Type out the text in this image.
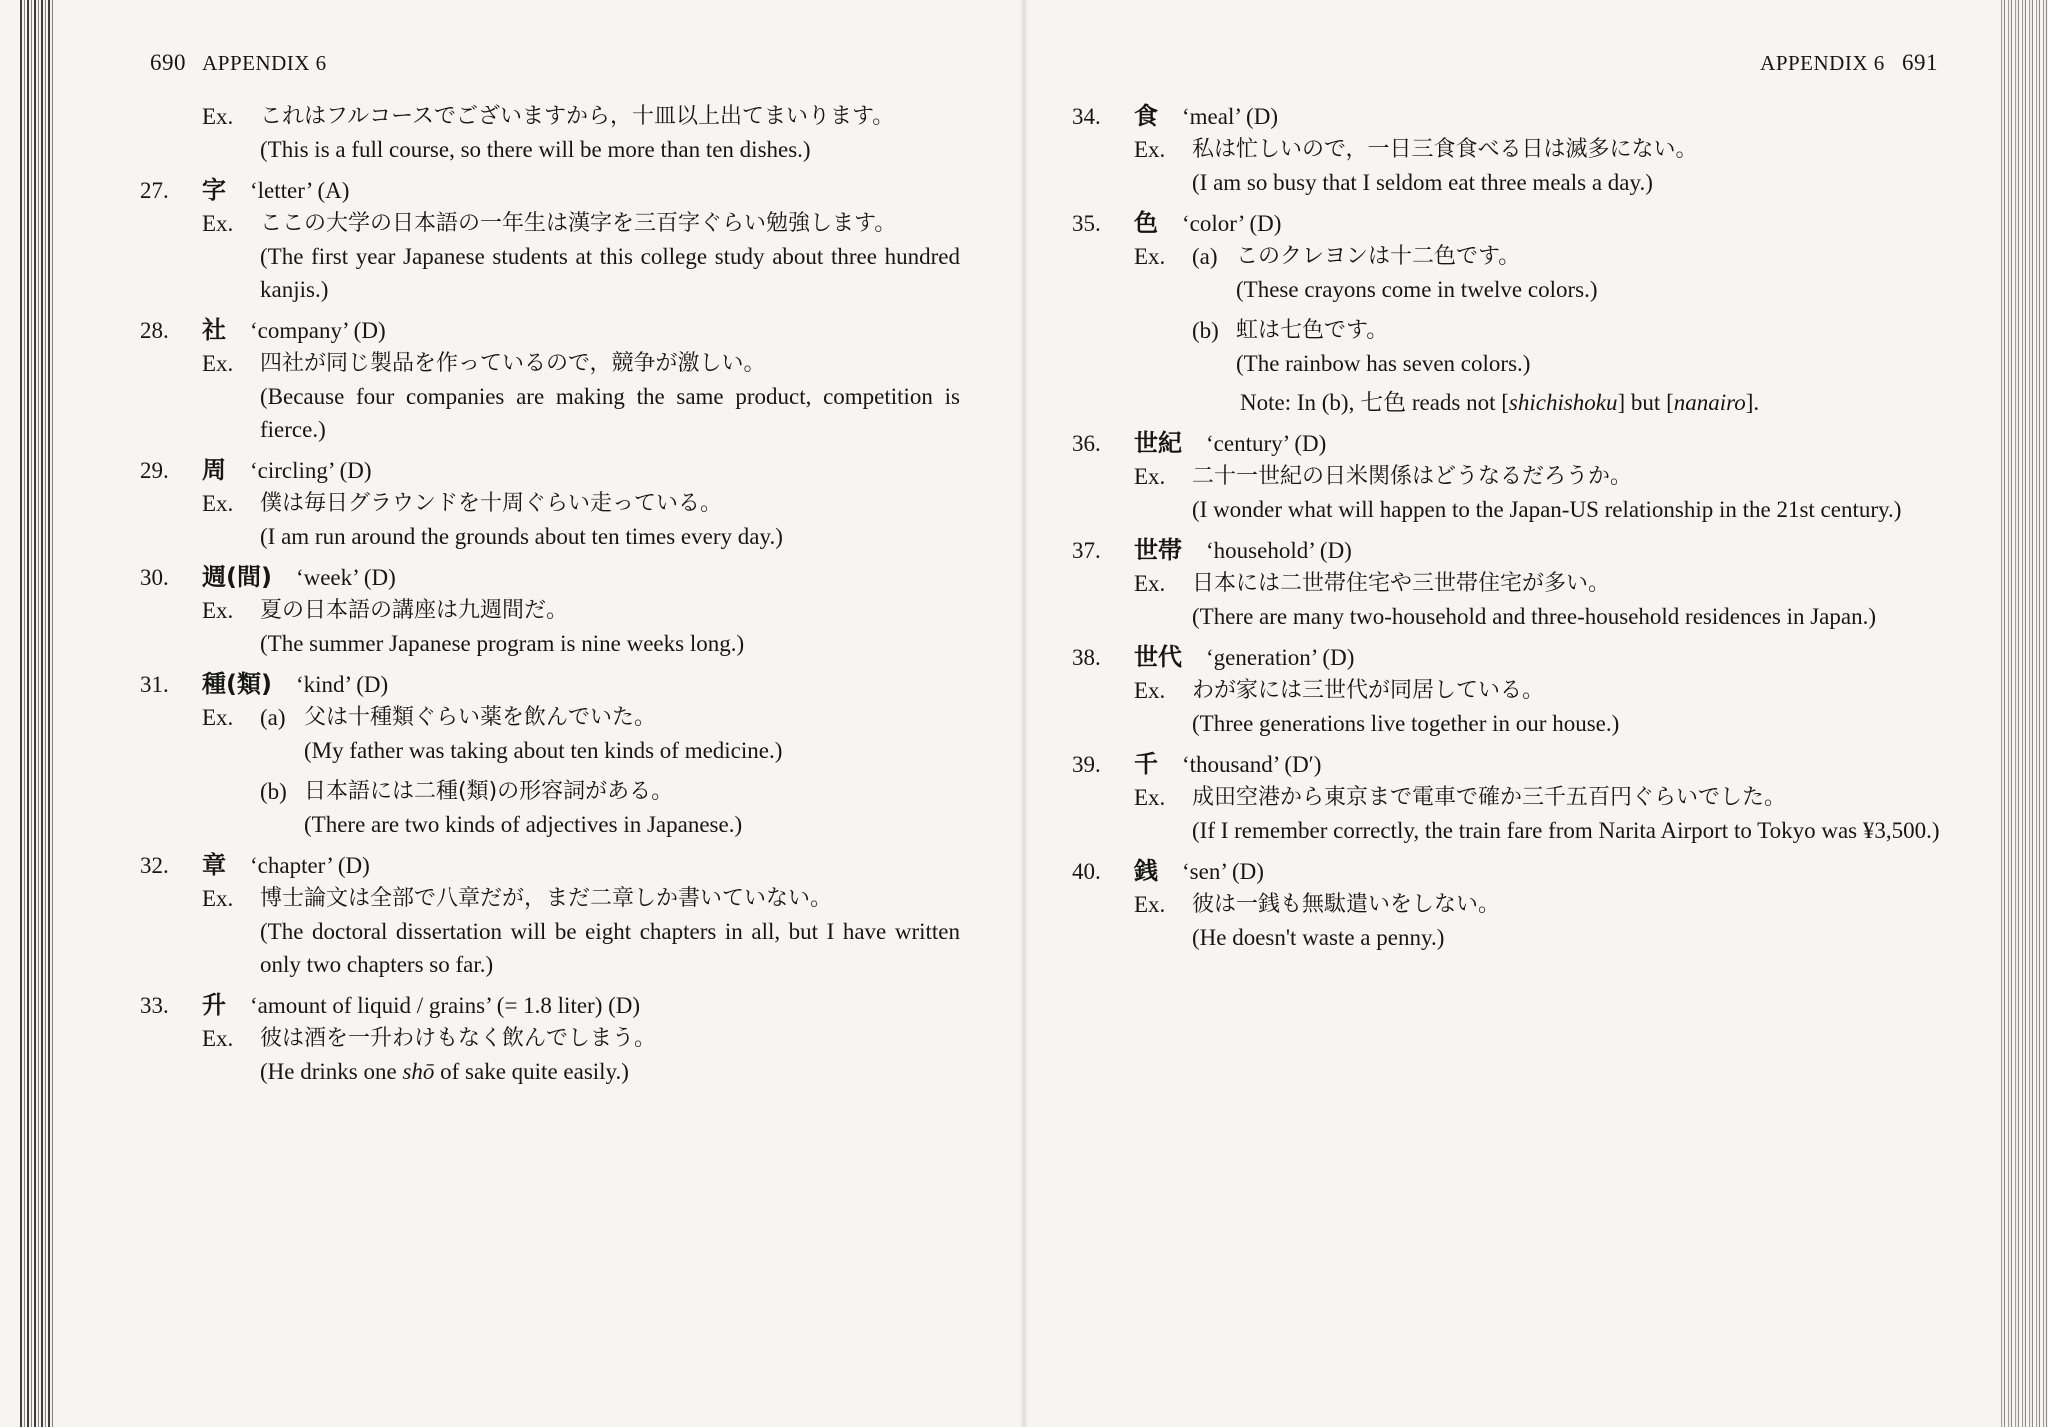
690 APPENDIX 6
Ex.	これはフルコースでございますから，十皿以上出てまいります。
(This is a full course, so there will be more than ten dishes.)
27.	字 ‘letter’ (A)
Ex.	ここの大学の日本語の一年生は漢字を三百字ぐらい勉強します。
(The first year Japanese students at this college study about three hundred kanjis.)
28.	社 ‘company’ (D)
Ex.	四社が同じ製品を作っているので，競争が激しい。
(Because four companies are making the same product, competition is fierce.)
29.	周 ‘circling’ (D)
Ex.	僕は毎日グラウンドを十周ぐらい走っている。
(I am run around the grounds about ten times every day.)
30.	週(間) ‘week’ (D)
Ex.	夏の日本語の講座は九週間だ。
(The summer Japanese program is nine weeks long.)
31.	種(類) ‘kind’ (D)
Ex.	(a) 父は十種類ぐらい薬を飲んでいた。
(My father was taking about ten kinds of medicine.)
(b) 日本語には二種(類)の形容詞がある。
(There are two kinds of adjectives in Japanese.)
32.	章 ‘chapter’ (D)
Ex.	博士論文は全部で八章だが，まだ二章しか書いていない。
(The doctoral dissertation will be eight chapters in all, but I have written only two chapters so far.)
33.	升 ‘amount of liquid / grains’ (= 1.8 liter) (D)
Ex.	彼は酒を一升わけもなく飲んでしまう。
(He drinks one shō of sake quite easily.)
APPENDIX 6 691
34.	食 ‘meal’ (D)
Ex.	私は忙しいので，一日三食食べる日は滅多にない。
(I am so busy that I seldom eat three meals a day.)
35.	色 ‘color’ (D)
Ex.	(a) このクレヨンは十二色です。
(These crayons come in twelve colors.)
(b) 虹は七色です。
(The rainbow has seven colors.)
Note: In (b), 七色 reads not [shichishoku] but [nanairo].
36.	世紀 ‘century’ (D)
Ex.	二十一世紀の日米関係はどうなるだろうか。
(I wonder what will happen to the Japan-US relationship in the 21st century.)
37.	世帯 ‘household’ (D)
Ex.	日本には二世帯住宅や三世帯住宅が多い。
(There are many two-household and three-household residences in Japan.)
38.	世代 ‘generation’ (D)
Ex.	わが家には三世代が同居している。
(Three generations live together in our house.)
39.	千 ‘thousand’ (D′)
Ex.	成田空港から東京まで電車で確か三千五百円ぐらいでした。
(If I remember correctly, the train fare from Narita Airport to Tokyo was ¥3,500.)
40.	銭 ‘sen’ (D)
Ex.	彼は一銭も無駄遣いをしない。
(He doesn't waste a penny.)
